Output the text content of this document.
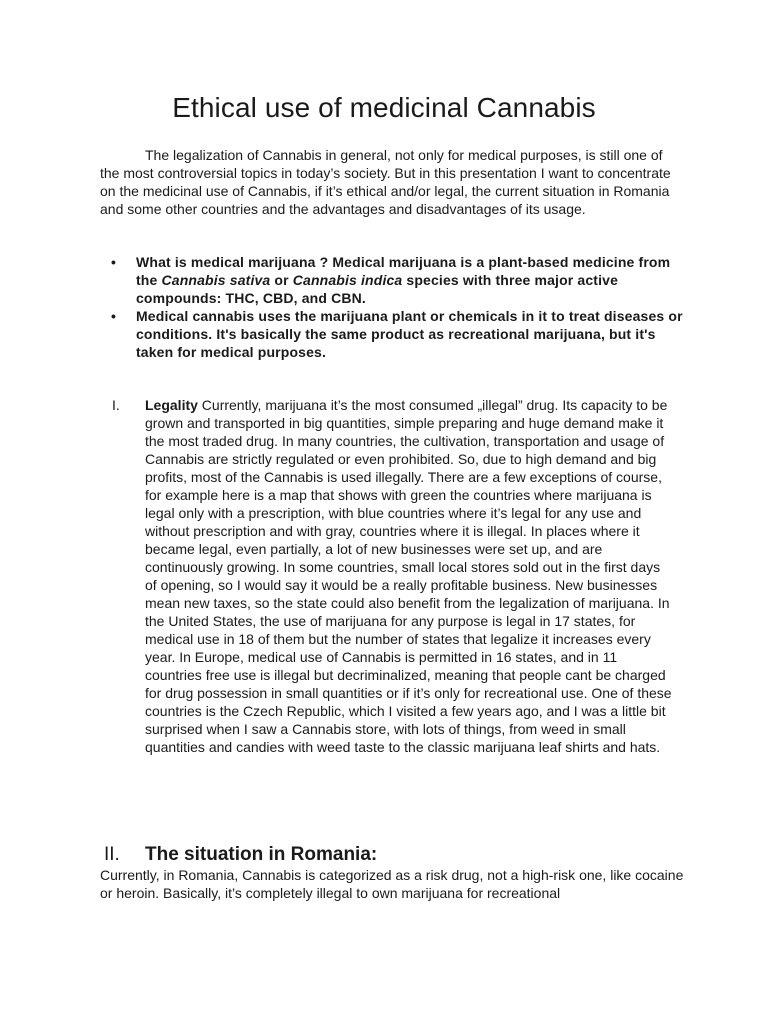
Ethical use of medicinal Cannabis

The legalization of Cannabis in general, not only for medical purposes, is still one of the most controversial topics in today’s society. But in this presentation I want to concentrate on the medicinal use of Cannabis, if it’s ethical and/or legal, the current situation in Romania and some other countries and the advantages and disadvantages of its usage.

• What is medical marijuana ? Medical marijuana is a plant-based medicine from the Cannabis sativa or Cannabis indica species with three major active compounds: THC, CBD, and CBN.
• Medical cannabis uses the marijuana plant or chemicals in it to treat diseases or conditions. It's basically the same product as recreational marijuana, but it's taken for medical purposes.
I. Legality Currently, marijuana it’s the most consumed „illegal” drug. Its capacity to be grown and transported in big quantities, simple preparing and huge demand make it the most traded drug. In many countries, the cultivation, transportation and usage of Cannabis are strictly regulated or even prohibited. So, due to high demand and big profits, most of the Cannabis is used illegally. There are a few exceptions of course, for example here is a map that shows with green the countries where marijuana is legal only with a prescription, with blue countries where it’s legal for any use and without prescription and with gray, countries where it is illegal. In places where it became legal, even partially, a lot of new businesses were set up, and are continuously growing. In some countries, small local stores sold out in the first days of opening, so I would say it would be a really profitable business. New businesses mean new taxes, so the state could also benefit from the legalization of marijuana. In the United States, the use of marijuana for any purpose is legal in 17 states, for medical use in 18 of them but the number of states that legalize it increases every year. In Europe, medical use of Cannabis is permitted in 16 states, and in 11 countries free use is illegal but decriminalized, meaning that people cant be charged for drug possession in small quantities or if it’s only for recreational use. One of these countries is the Czech Republic, which I visited a few years ago, and I was a little bit surprised when I saw a Cannabis store, with lots of things, from weed in small quantities and candies with weed taste to the classic marijuana leaf shirts and hats.
II. The situation in Romania:

Currently, in Romania, Cannabis is categorized as a risk drug, not a high-risk one, like cocaine or heroin. Basically, it’s completely illegal to own marijuana for recreational
